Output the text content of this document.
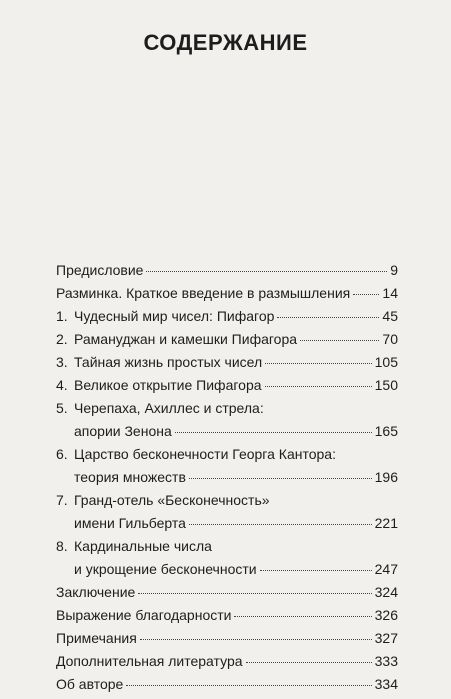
СОДЕРЖАНИЕ
Предисловие	9
Разминка. Краткое введение в размышления 14
1. Чудесный мир чисел: Пифагор	45
2. Рамануджан и камешки Пифагора	70
3. Тайная жизнь простых чисел	105
4. Великое открытие Пифагора	150
5. Черепаха, Ахиллес и стрела:
апории Зенона	165
6. Царство бесконечности Георга Кантора:
теория множеств	196
7. Гранд-отель «Бесконечность»
имени Гильберта	221
8. Кардинальные числа
и укрощение бесконечности	247
Заключение	324
Выражение благодарности	326
Примечания	327
Дополнительная литература	333
Об авторе	334
